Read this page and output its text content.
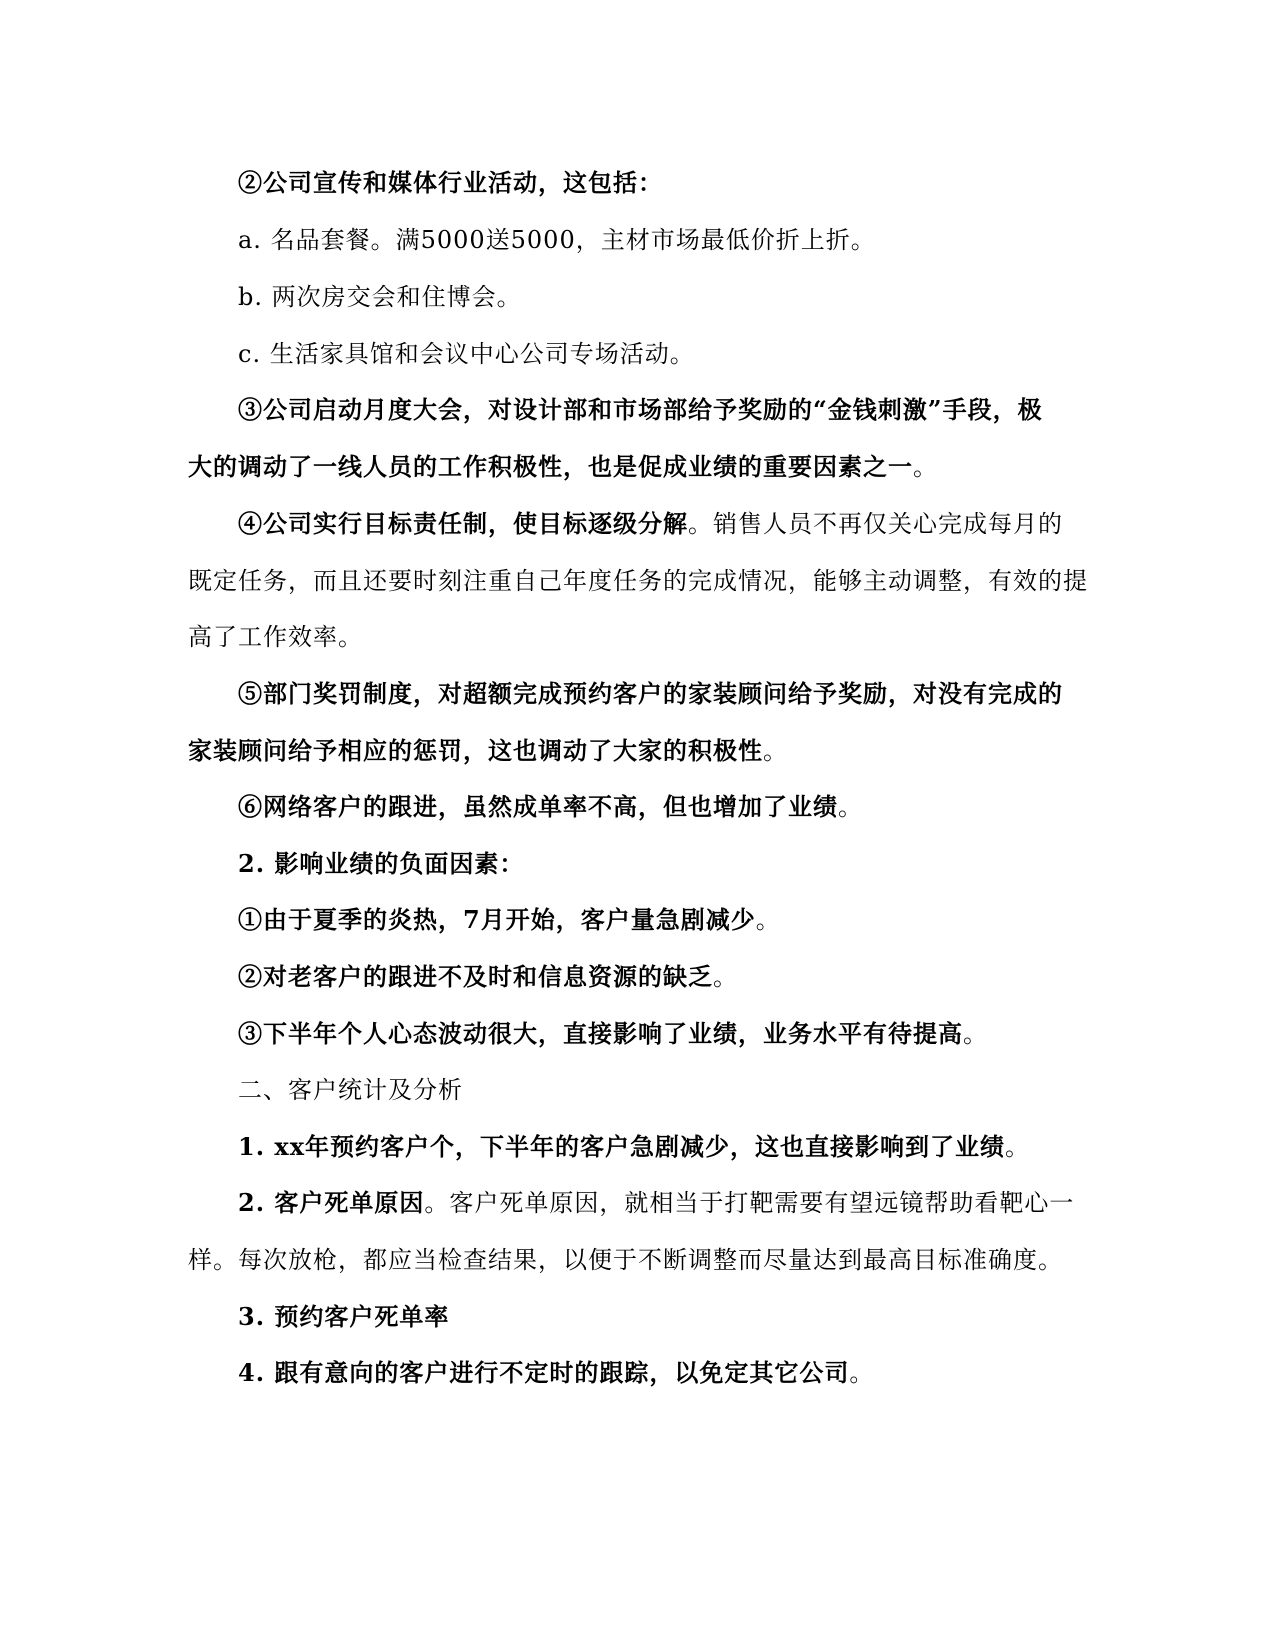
②公司宣传和媒体行业活动，这包括：
a. 名品套餐。满5000送5000，主材市场最低价折上折。
b. 两次房交会和住博会。
c. 生活家具馆和会议中心公司专场活动。
③公司启动月度大会，对设计部和市场部给予奖励的“金钱刺激”手段，极
大的调动了一线人员的工作积极性，也是促成业绩的重要因素之一。
④公司实行目标责任制，使目标逐级分解。销售人员不再仅关心完成每月的
既定任务，而且还要时刻注重自己年度任务的完成情况，能够主动调整，有效的提
高了工作效率。
⑤部门奖罚制度，对超额完成预约客户的家装顾问给予奖励，对没有完成的
家装顾问给予相应的惩罚，这也调动了大家的积极性。
⑥网络客户的跟进，虽然成单率不高，但也增加了业绩。
2. 影响业绩的负面因素：
①由于夏季的炎热，7月开始，客户量急剧减少。
②对老客户的跟进不及时和信息资源的缺乏。
③下半年个人心态波动很大，直接影响了业绩，业务水平有待提高。
二、客户统计及分析
1. xx年预约客户个，下半年的客户急剧减少，这也直接影响到了业绩。
2. 客户死单原因。客户死单原因，就相当于打靶需要有望远镜帮助看靶心一
样。每次放枪，都应当检查结果，以便于不断调整而尽量达到最高目标准确度。
3. 预约客户死单率
4. 跟有意向的客户进行不定时的跟踪，以免定其它公司。
